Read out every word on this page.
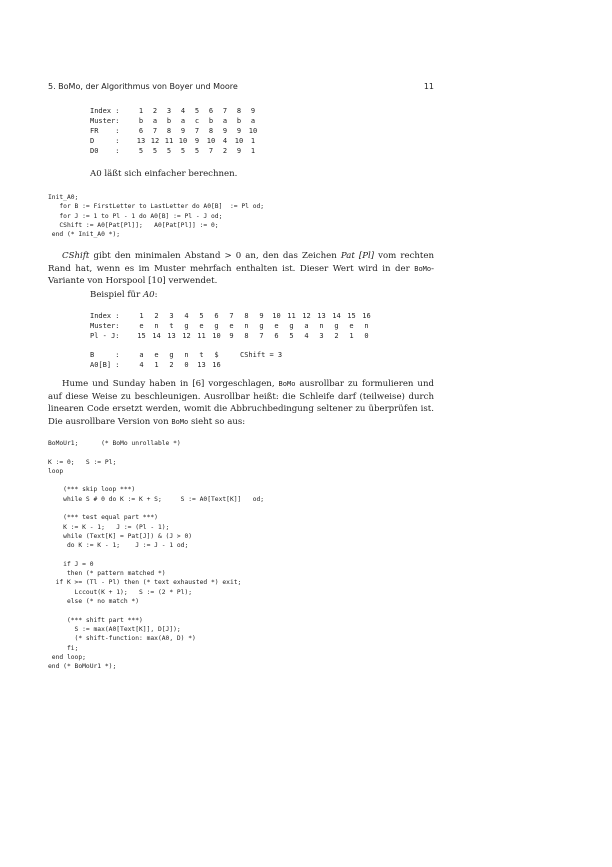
5. BoMo, der Algorithmus von Boyer und Moore	11
Index :	1	2	3	4	5	6	7	8	9	
Muster:	b	a	b	a	c	b	a	b	a	
FR    :	6	7	8	9	7	8	9	9	10	
D     :	13	12	11	10	9	10	4	10	1	
D0    :	5	5	5	5	5	7	2	9	1	
A0 läßt sich einfacher berechnen.
Init_A0;
for B := FirstLetter to LastLetter do A0[B]  := Pl od;
for J := 1 to Pl - 1 do A0[B] := Pl - J od;
CShift := A0[Pat[Pl]];   A0[Pat[Pl]] := 0;
end (* Init_A0 *);

CShift gibt den minimalen Abstand > 0 an, den das Zeichen Pat [Pl] vom rechten Rand hat, wenn es im Muster mehrfach enthalten ist. Dieser Wert wird in der BoMo-Variante von Horspool [10] verwendet.

Beispiel für A0:
Index :	1	2	3	4	5	6	7	8	9	10	11	12	13	14	15	16
Muster:	e	n	t	g	e	g	e	n	g	e	g	a	n	g	e	n
Pl - J:	15	14	13	12	11	10	9	8	7	6	5	4	3	2	1	0
B     :	a	e	g	n	t	$	CShift = 3
A0[B] :	4	1	2	0	13	16	

Hume und Sunday haben in [6] vorgeschlagen, BoMo ausrollbar zu formulieren und auf diese Weise zu beschleunigen. Ausrollbar heißt: die Schleife darf (teilweise) durch linearen Code ersetzt werden, womit die Abbruchbedingung seltener zu überprüfen ist. Die ausrollbare Version von BoMo sieht so aus:

BoMoUr1;      (* BoMo unrollable *)

K := 0;   S := Pl;
loop

(*** skip loop ***)
while S # 0 do K := K + S;     S := A0[Text[K]]   od;

(*** test equal part ***)
K := K - 1;   J := (Pl - 1);
while (Text[K] = Pat[J]) & (J > 0)
do K := K - 1;    J := J - 1 od;

if J = 0
then (* pattern matched *)
if K >= (Tl - Pl) then (* text exhausted *) exit;
Lccout(K + 1);   S := (2 * Pl);
else (* no match *)

(*** shift part ***)
S := max(A0[Text[K]], D[J]);
(* shift-function: max(A0, D) *)
fi;
end loop;
end (* BoMoUr1 *);
